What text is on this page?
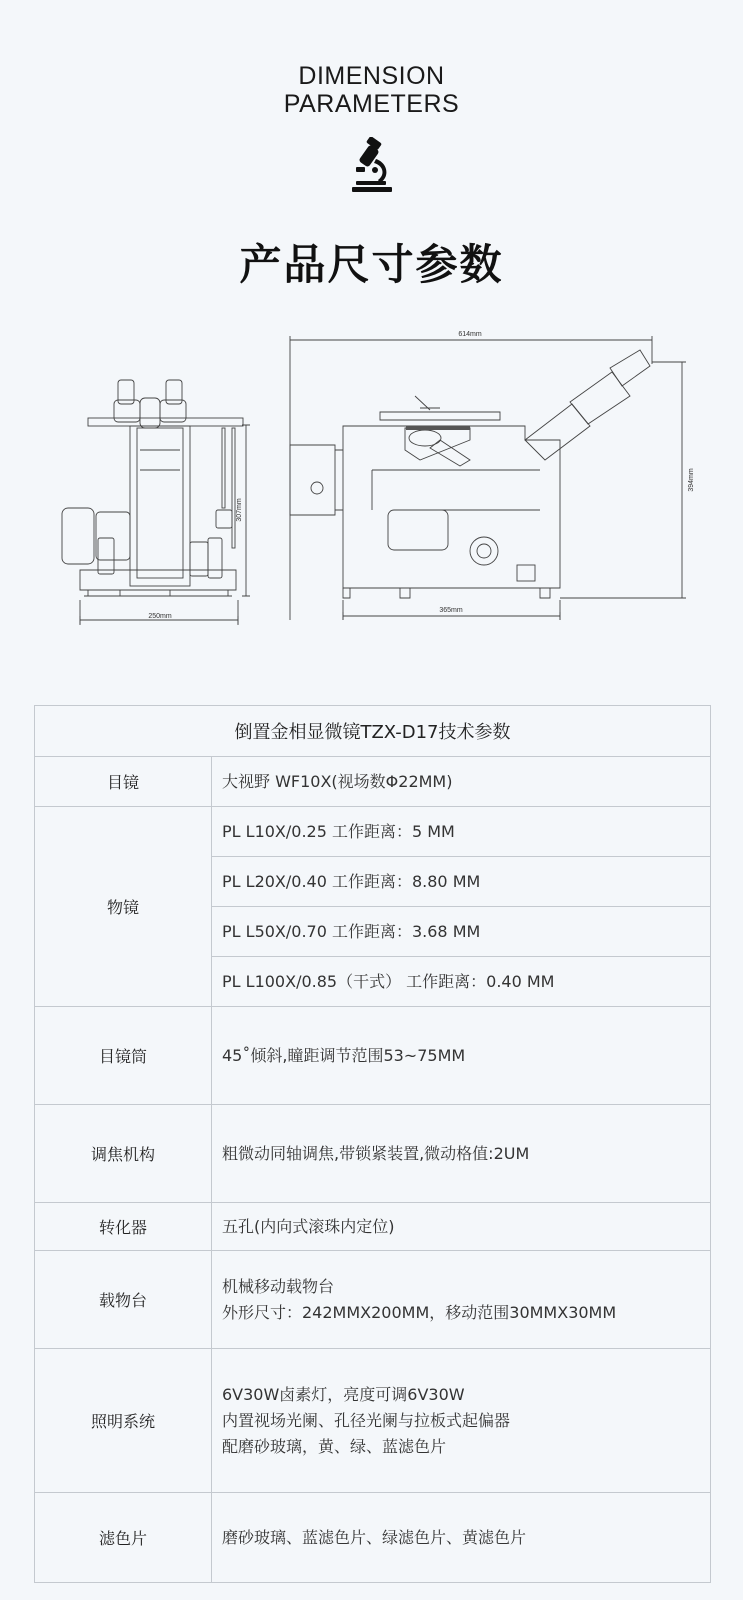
DIMENSION
PARAMETERS
产品尺寸参数
250mm
307mm
614mm
394mm
365mm
倒置金相显微镜TZX-D17技术参数	
目镜	大视野 WF10X(视场数Φ22MM)

物镜	PL L10X/0.25 工作距离：5 MM
	PL L20X/0.40 工作距离：8.80 MM
	PL L50X/0.70 工作距离：3.68 MM
	PL L100X/0.85（干式） 工作距离：0.40 MM
目镜筒	45˚倾斜,瞳距调节范围53~75MM
调焦机构	粗微动同轴调焦,带锁紧装置,微动格值:2UM
转化器	五孔(内向式滚珠内定位)
载物台	机械移动载物台
外形尺寸：242MMX200MM，移动范围30MMX30MM

照明系统	6V30W卤素灯，亮度可调6V30W
内置视场光阑、孔径光阑与拉板式起偏器
配磨砂玻璃，黄、绿、蓝滤色片

滤色片	磨砂玻璃、蓝滤色片、绿滤色片、黄滤色片
